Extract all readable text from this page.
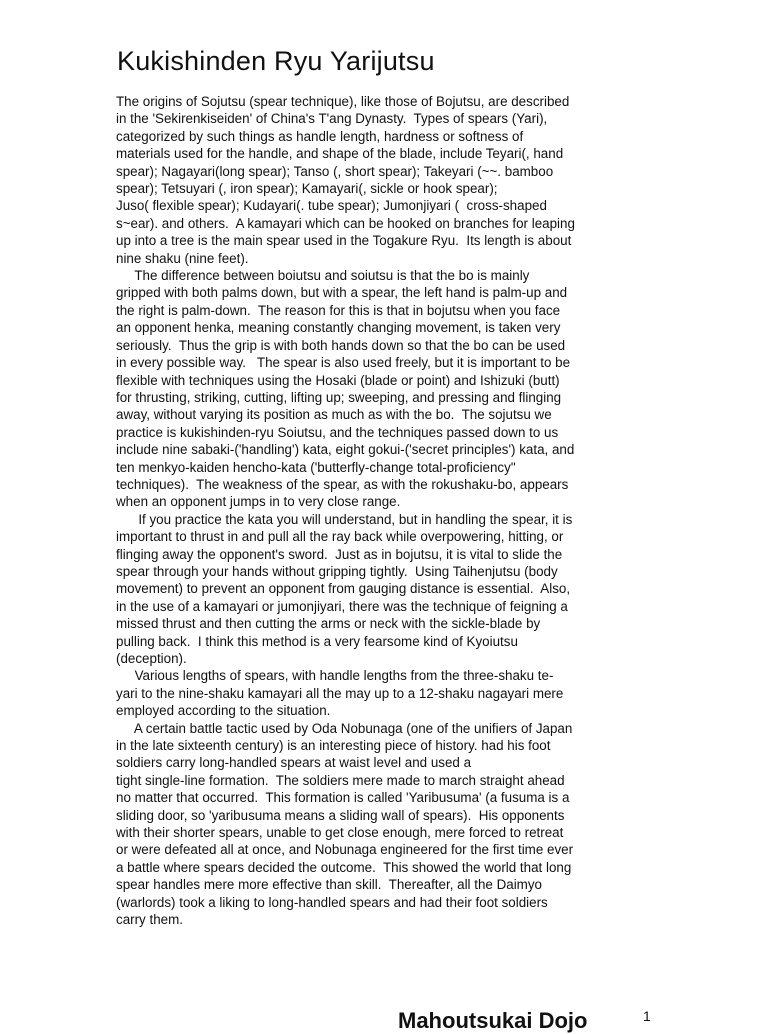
Kukishinden Ryu Yarijutsu
The origins of Sojutsu (spear technique), like those of Bojutsu, are described
in the 'Sekirenkiseiden' of China's T'ang Dynasty.  Types of spears (Yari),
categorized by such things as handle length, hardness or softness of
materials used for the handle, and shape of the blade, include Teyari(, hand
spear); Nagayari(long spear); Tanso (, short spear); Takeyari (~~. bamboo
spear); Tetsuyari (, iron spear); Kamayari(, sickle or hook spear);
Juso( flexible spear); Kudayari(. tube spear); Jumonjiyari (  cross-shaped
s~ear). and others.  A kamayari which can be hooked on branches for leaping
up into a tree is the main spear used in the Togakure Ryu.  Its length is about
nine shaku (nine feet).
The difference between boiutsu and soiutsu is that the bo is mainly
gripped with both palms down, but with a spear, the left hand is palm-up and
the right is palm-down.  The reason for this is that in bojutsu when you face
an opponent henka, meaning constantly changing movement, is taken very
seriously.  Thus the grip is with both hands down so that the bo can be used
in every possible way.   The spear is also used freely, but it is important to be
flexible with techniques using the Hosaki (blade or point) and Ishizuki (butt)
for thrusting, striking, cutting, lifting up; sweeping, and pressing and flinging
away, without varying its position as much as with the bo.  The sojutsu we
practice is kukishinden-ryu Soiutsu, and the techniques passed down to us
include nine sabaki-('handling') kata, eight gokui-('secret principles') kata, and
ten menkyo-kaiden hencho-kata ('butterfly-change total-proficiency"
techniques).  The weakness of the spear, as with the rokushaku-bo, appears
when an opponent jumps in to very close range.
If you practice the kata you will understand, but in handling the spear, it is
important to thrust in and pull all the ray back while overpowering, hitting, or
flinging away the opponent's sword.  Just as in bojutsu, it is vital to slide the
spear through your hands without gripping tightly.  Using Taihenjutsu (body
movement) to prevent an opponent from gauging distance is essential.  Also,
in the use of a kamayari or jumonjiyari, there was the technique of feigning a
missed thrust and then cutting the arms or neck with the sickle-blade by
pulling back.  I think this method is a very fearsome kind of Kyoiutsu
(deception).
Various lengths of spears, with handle lengths from the three-shaku te-
yari to the nine-shaku kamayari all the may up to a 12-shaku nagayari mere
employed according to the situation.
A certain battle tactic used by Oda Nobunaga (one of the unifiers of Japan
in the late sixteenth century) is an interesting piece of history. had his foot
soldiers carry long-handled spears at waist level and used a
tight single-line formation.  The soldiers mere made to march straight ahead
no matter that occurred.  This formation is called 'Yaribusuma' (a fusuma is a
sliding door, so 'yaribusuma means a sliding wall of spears).  His opponents
with their shorter spears, unable to get close enough, mere forced to retreat
or were defeated all at once, and Nobunaga engineered for the first time ever
a battle where spears decided the outcome.  This showed the world that long
spear handles mere more effective than skill.  Thereafter, all the Daimyo
(warlords) took a liking to long-handled spears and had their foot soldiers
carry them.
Mahoutsukai Dojo	1
